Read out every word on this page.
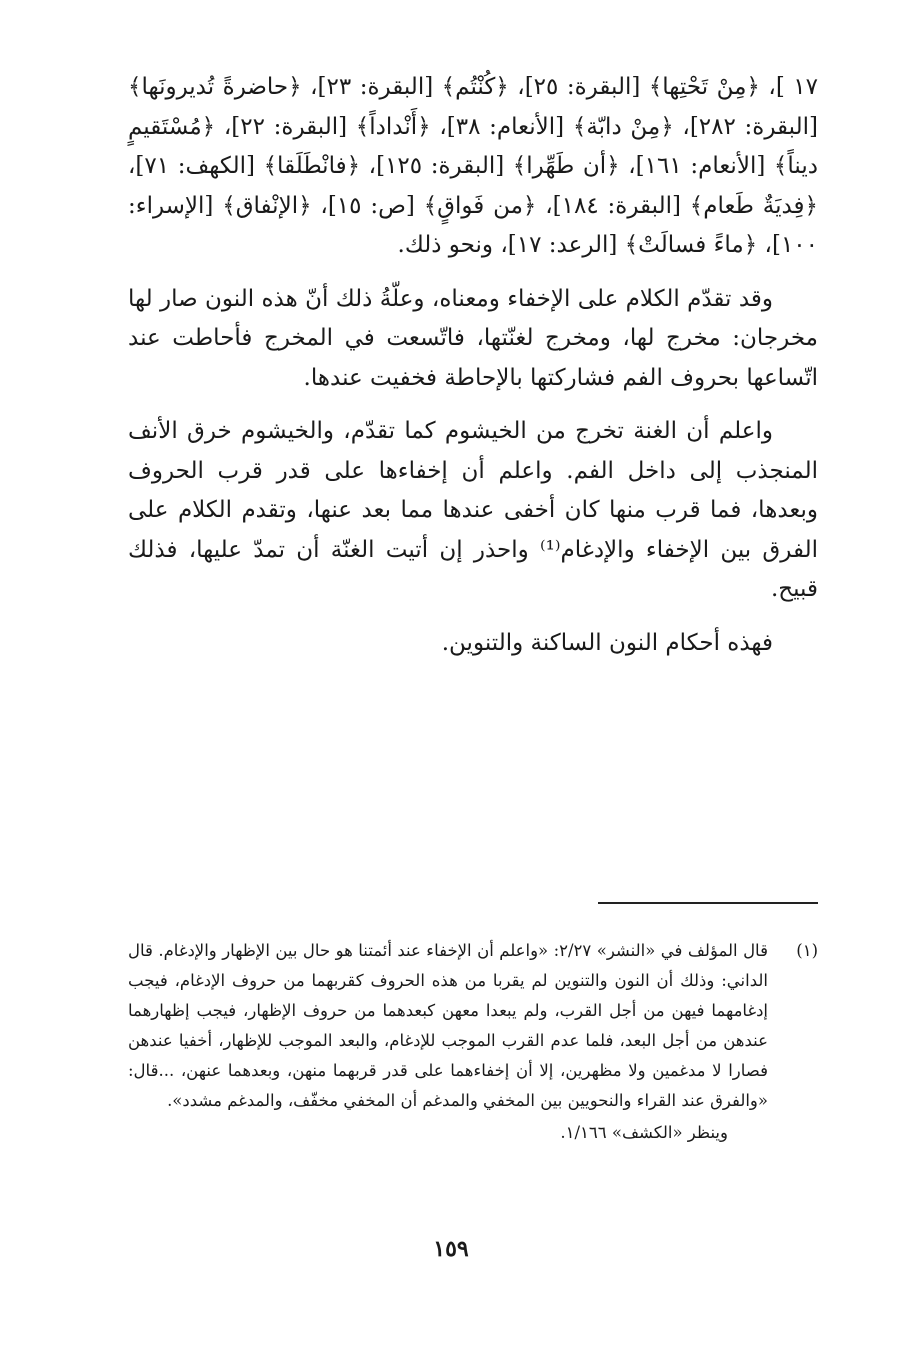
١٧ ]، ﴿مِنْ تَحْتِها﴾ [البقرة: ٢٥]، ﴿كُنْتُم﴾ [البقرة: ٢٣]، ﴿حاضرةً تُديرونَها﴾ [البقرة: ٢٨٢]، ﴿مِنْ دابّة﴾ [الأنعام: ٣٨]، ﴿أَنْداداً﴾ [البقرة: ٢٢]، ﴿مُسْتَقيمٍ ديناً﴾ [الأنعام: ١٦١]، ﴿أن طَهِّرا﴾ [البقرة: ١٢٥]، ﴿فانْطَلَقا﴾ [الكهف: ٧١]، ﴿فِديَةٌ طَعام﴾ [البقرة: ١٨٤]، ﴿من فَواقٍ﴾ [ص: ١٥]، ﴿الإنْفاق﴾ [الإسراء: ١٠٠]، ﴿ماءً فسالَتْ﴾ [الرعد: ١٧]، ونحو ذلك.

وقد تقدّم الكلام على الإخفاء ومعناه، وعلّةُ ذلك أنّ هذه النون صار لها مخرجان: مخرج لها، ومخرج لغنّتها، فاتّسعت في المخرج فأحاطت عند اتّساعها بحروف الفم فشاركتها بالإحاطة فخفيت عندها.

واعلم أن الغنة تخرج من الخيشوم كما تقدّم، والخيشوم خرق الأنف المنجذب إلى داخل الفم. واعلم أن إخفاءها على قدر قرب الحروف وبعدها، فما قرب منها كان أخفى عندها مما بعد عنها، وتقدم الكلام على الفرق بين الإخفاء والإدغام⁽¹⁾ واحذر إن أتيت الغنّة أن تمدّ عليها، فذلك قبيح.

فهذه أحكام النون الساكنة والتنوين.

(١)
قال المؤلف في «النشر» ٢/٢٧: «واعلم أن الإخفاء عند أئمتنا هو حال بين الإظهار والإدغام. قال الداني: وذلك أن النون والتنوين لم يقربا من هذه الحروف كقربهما من حروف الإدغام، فيجب إدغامهما فيهن من أجل القرب، ولم يبعدا معهن كبعدهما من حروف الإظهار، فيجب إظهارهما عندهن من أجل البعد، فلما عدم القرب الموجب للإدغام، والبعد الموجب للإظهار، أخفيا عندهن فصارا لا مدغمين ولا مظهرين، إلا أن إخفاءهما على قدر قربهما منهن، وبعدهما عنهن، ...قال: «والفرق عند القراء والنحويين بين المخفي والمدغم أن المخفي مخفّف، والمدغم مشدد».

وينظر «الكشف» ١/١٦٦.

١٥٩
